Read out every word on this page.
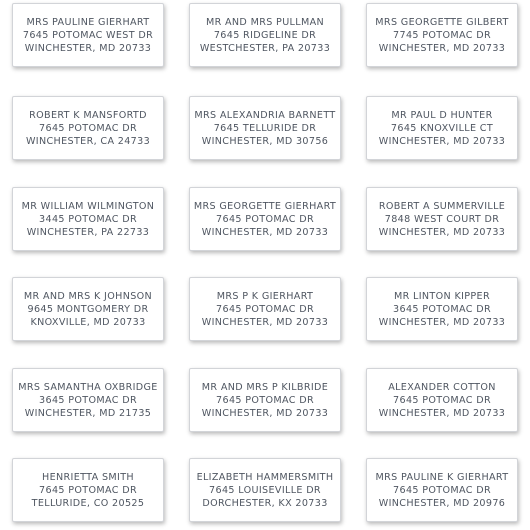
MRS PAULINE GIERHART
7645 POTOMAC WEST DR
WINCHESTER, MD 20733
MR AND MRS PULLMAN
7645 RIDGELINE DR
WESTCHESTER, PA 20733
MRS GEORGETTE GILBERT
7745 POTOMAC DR
WINCHESTER, MD 20733
ROBERT K MANSFORTD
7645 POTOMAC DR
WINCHESTER, CA 24733
MRS ALEXANDRIA BARNETT
7645 TELLURIDE DR
WINCHESTER, MD 30756
MR PAUL D HUNTER
7645 KNOXVILLE CT
WINCHESTER, MD 20733
MR WILLIAM WILMINGTON
3445 POTOMAC DR
WINCHESTER, PA 22733
MRS GEORGETTE GIERHART
7645 POTOMAC DR
WINCHESTER, MD 20733
ROBERT A SUMMERVILLE
7848 WEST COURT DR
WINCHESTER, MD 20733
MR AND MRS K JOHNSON
9645 MONTGOMERY DR
KNOXVILLE, MD 20733
MRS P K GIERHART
7645 POTOMAC DR
WINCHESTER, MD 20733
MR LINTON KIPPER
3645 POTOMAC DR
WINCHESTER, MD 20733
MRS SAMANTHA OXBRIDGE
3645 POTOMAC DR
WINCHESTER, MD 21735
MR AND MRS P KILBRIDE
7645 POTOMAC DR
WINCHESTER, MD 20733
ALEXANDER COTTON
7645 POTOMAC DR
WINCHESTER, MD 20733
HENRIETTA SMITH
7645 POTOMAC DR
TELLURIDE, CO 20525
ELIZABETH HAMMERSMITH
7645 LOUISEVILLE DR
DORCHESTER, KX 20733
MRS PAULINE K GIERHART
7645 POTOMAC DR
WINCHESTER, MD 20976
